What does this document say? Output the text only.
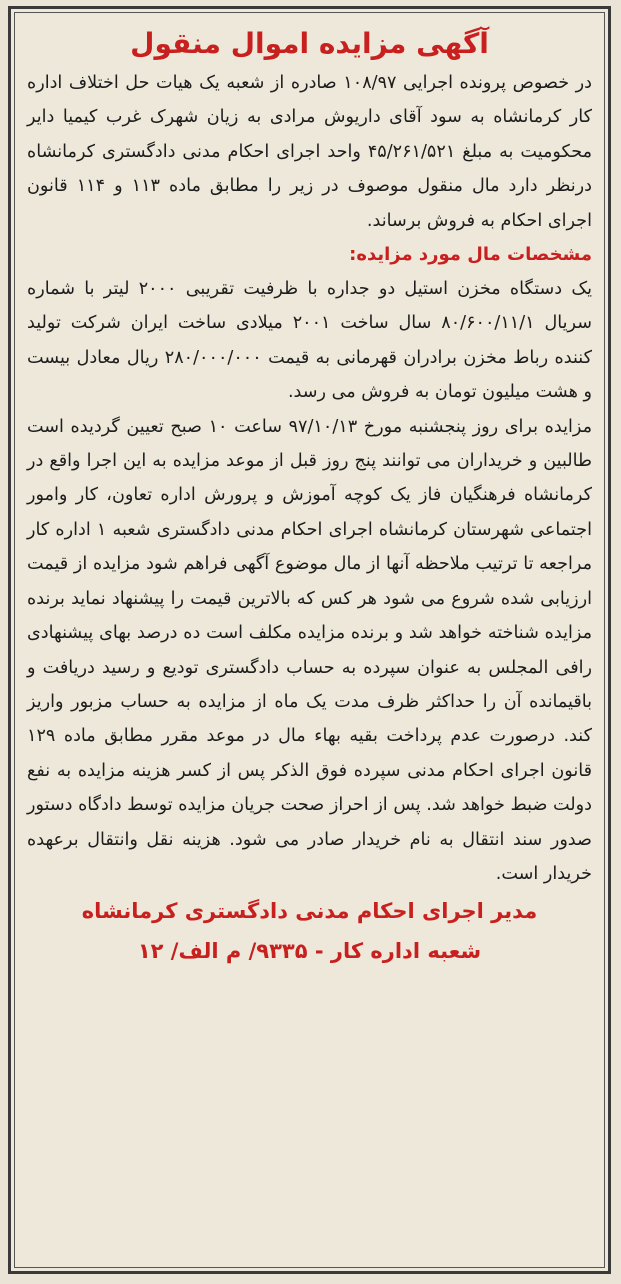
آگهی مزایده اموال منقول

در خصوص پرونده اجرایی ۱۰۸/۹۷ صادره از شعبه یک هیات حل اختلاف اداره کار کرمانشاه به سود آقای داریوش مرادی به زیان شهرک غرب کیمیا دایر محکومیت به مبلغ ۴۵/۲۶۱/۵۲۱ واحد اجرای احکام مدنی دادگستری کرمانشاه درنظر دارد مال منقول موصوف در زیر را مطابق ماده ۱۱۳ و ۱۱۴ قانون اجرای احکام به فروش برساند.

مشخصات مال مورد مزایده:

یک دستگاه مخزن استیل دو جداره با ظرفیت تقریبی ۲۰۰۰ لیتر با شماره سریال ۸۰/۶۰۰/۱۱/۱ سال ساخت ۲۰۰۱ میلادی ساخت ایران شرکت تولید کننده رباط مخزن برادران قهرمانی به قیمت ۲۸۰/۰۰۰/۰۰۰ ریال معادل بیست و هشت میلیون تومان به فروش می رسد.

مزایده برای روز پنجشنبه مورخ ۹۷/۱۰/۱۳ ساعت ۱۰ صبح تعیین گردیده است طالبین و خریداران می توانند پنج روز قبل از موعد مزایده به این اجرا واقع در کرمانشاه فرهنگیان فاز یک کوچه آموزش و پرورش اداره تعاون، کار وامور اجتماعی شهرستان کرمانشاه اجرای احکام مدنی دادگستری شعبه ۱ اداره کار مراجعه تا ترتیب ملاحظه آنها از مال موضوع آگهی فراهم شود مزایده از قیمت ارزیابی شده شروع می شود هر کس که بالاترین قیمت را پیشنهاد نماید برنده مزایده شناخته خواهد شد و برنده مزایده مکلف است ده درصد بهای پیشنهادی رافی المجلس به عنوان سپرده به حساب دادگستری تودیع و رسید دریافت و باقیمانده آن را حداکثر ظرف مدت یک ماه از مزایده به حساب مزبور واریز کند. درصورت عدم پرداخت بقیه بهاء مال در موعد مقرر مطابق ماده ۱۲۹ قانون اجرای احکام مدنی سپرده فوق الذکر پس از کسر هزینه مزایده به نفع دولت ضبط خواهد شد. پس از احراز صحت جریان مزایده توسط دادگاه دستور صدور سند انتقال به نام خریدار صادر می شود. هزینه نقل وانتقال برعهده خریدار است.

مدیر اجرای احکام مدنی دادگستری کرمانشاه

شعبه اداره کار - ۹۳۳۵/ م الف/ ۱۲
